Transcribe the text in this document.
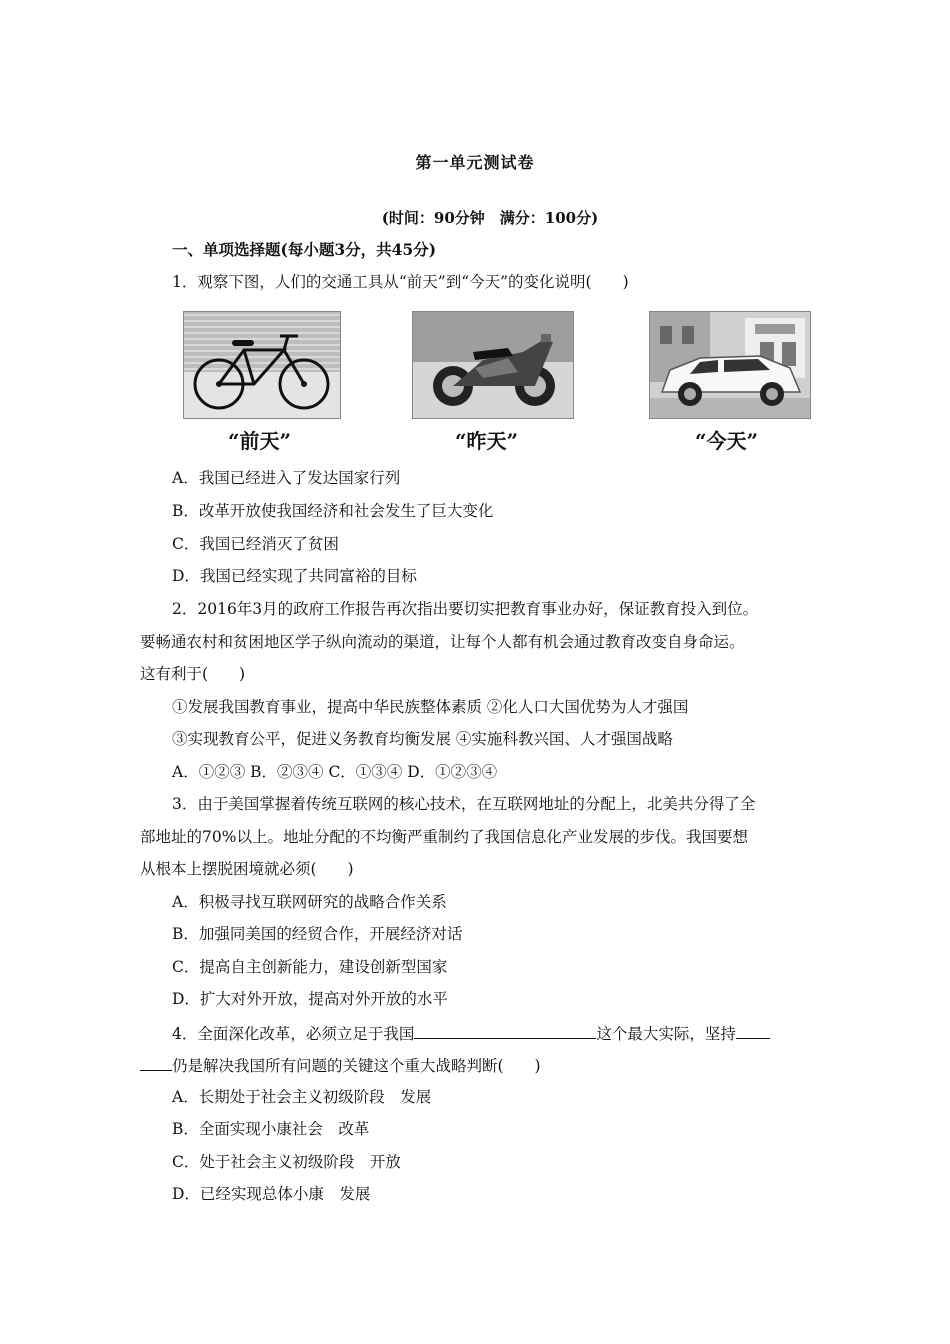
第一单元测试卷
(时间：90分钟　满分：100分)
一、单项选择题(每小题3分，共45分)
1．观察下图，人们的交通工具从“前天”到“今天”的变化说明(　　)
“前天”	“昨天”	“今天”
A．我国已经进入了发达国家行列
B．改革开放使我国经济和社会发生了巨大变化
C．我国已经消灭了贫困
D．我国已经实现了共同富裕的目标
2．2016年3月的政府工作报告再次指出要切实把教育事业办好，保证教育投入到位。
要畅通农村和贫困地区学子纵向流动的渠道，让每个人都有机会通过教育改变自身命运。
这有利于(　　)
①发展我国教育事业，提高中华民族整体素质 ②化人口大国优势为人才强国
③实现教育公平，促进义务教育均衡发展 ④实施科教兴国、人才强国战略
A．①②③ B．②③④ C．①③④ D．①②③④
3．由于美国掌握着传统互联网的核心技术，在互联网地址的分配上，北美共分得了全
部地址的70%以上。地址分配的不均衡严重制约了我国信息化产业发展的步伐。我国要想
从根本上摆脱困境就必须(　　)
A．积极寻找互联网研究的战略合作关系
B．加强同美国的经贸合作，开展经济对话
C．提高自主创新能力，建设创新型国家
D．扩大对外开放，提高对外开放的水平
4．全面深化改革，必须立足于我国	这个最大实际，坚持
仍是解决我国所有问题的关键这个重大战略判断(　　)
A．长期处于社会主义初级阶段　发展
B．全面实现小康社会　改革
C．处于社会主义初级阶段　开放
D．已经实现总体小康　发展
